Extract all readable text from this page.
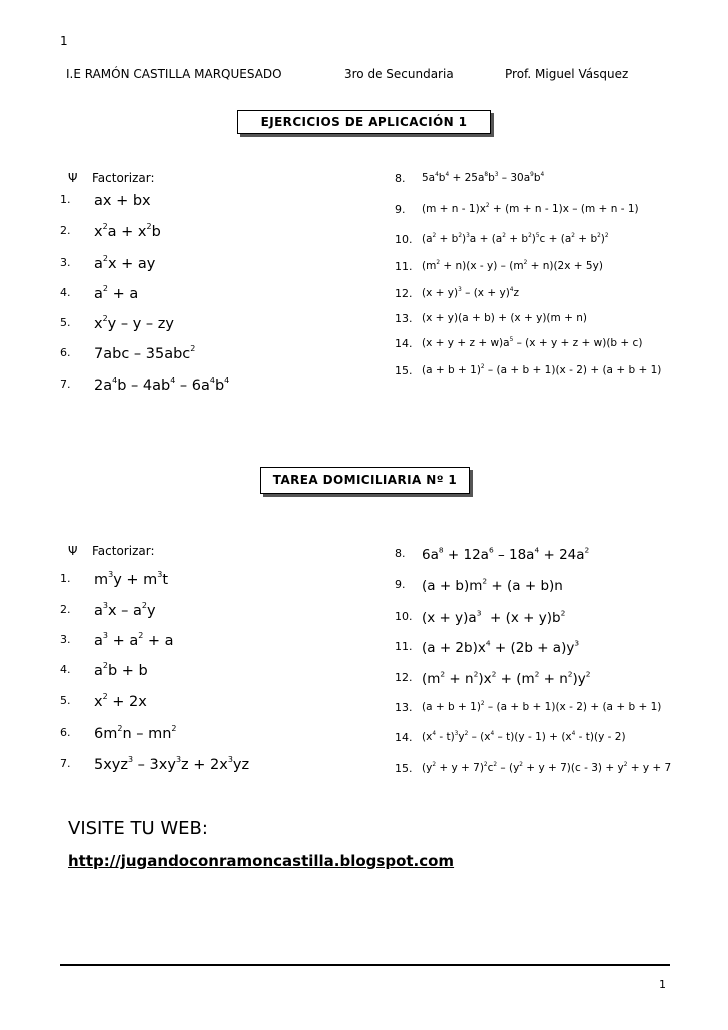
1
I.E RAMÓN CASTILLA MARQUESADO	3ro de Secundaria	Prof. Miguel Vásquez
EJERCICIOS DE APLICACIÓN 1
Ψ Factorizar:
1. ax + bx
2. $x^2a + x^2b$
3. $a^2x$ + ay
4. $a^2 + a$
5. $x^2y$ – y – zy
6. 7abc – 35abc$^2$
7. $2a^4b - 4ab^4 - 6a^4b^4$
8. $5a^4b^4 + 25a^8b^3 - 30a^9b^4$
9. $(m + n - 1)x^2 + (m + n - 1)x - (m + n - 1)$
10. $(a^2 + b^2)^3a + (a^2 + b^2)^5c + (a^2 + b^2)^2$
11. $(m^2 + n)(x - y) - (m^2 + n)(2x + 5y)$
12. $(x + y)^3 - (x + y)^4z$
13. (x + y)(a + b) + (x + y)(m + n)
14. $(x + y + z + w)a^5 - (x + y + z + w)(b + c)$
15. $(a + b + 1)^2 - (a + b + 1)(x - 2) + (a + b + 1)$
TAREA DOMICILIARIA Nº 1
Ψ Factorizar:
1. $m^3y + m^3t$
2. $a^3x - a^2y$
3. $a^3 + a^2 + a$
4. $a^2b + b$
5. $x^2 + 2x$
6. $6m^2n - mn^2$
7. $5xyz^3 - 3xy^3z + 2x^3yz$
8. $6a^8 + 12a^6 - 18a^4 + 24a^2$
9. $(a + b)m^2 + (a + b)n$
10. $(x + y)a^3 + (x + y)b^2$
11. $(a + 2b)x^4 + (2b + a)y^3$
12. $(m^2 + n^2)x^2 + (m^2 + n^2)y^2$
13. $(a + b + 1)^2 - (a + b + 1)(x - 2) + (a + b + 1)$
14. $(x^4 - t)^3y^2 - (x^4 - t)(y - 1) + (x^4 - t)(y - 2)$
15. $(y^2 + y + 7)^2c^2 - (y^2 + y + 7)(c - 3) + y^2 + y + 7$
VISITE TU WEB:
http://jugandoconramoncastilla.blogspot.com
1
